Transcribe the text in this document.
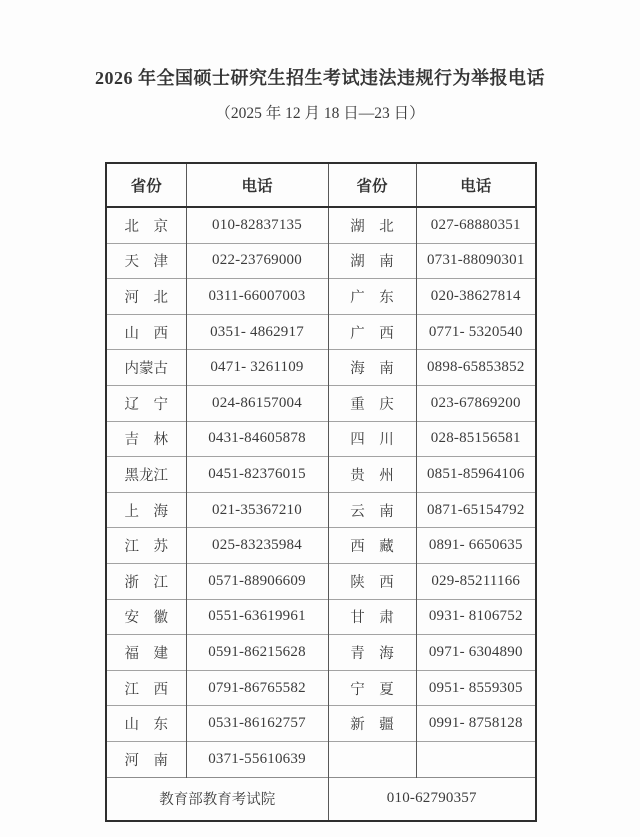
2026 年全国硕士研究生招生考试违法违规行为举报电话
（2025 年 12 月 18 日—23 日）
省份	电话	省份	电话
北　京	010-82837135	湖　北	027-68880351
天　津	022-23769000	湖　南	0731-88090301
河　北	0311-66007003	广　东	020-38627814
山　西	0351- 4862917	广　西	0771- 5320540
内蒙古	0471- 3261109	海　南	0898-65853852
辽　宁	024-86157004	重　庆	023-67869200
吉　林	0431-84605878	四　川	028-85156581
黑龙江	0451-82376015	贵　州	0851-85964106
上　海	021-35367210	云　南	0871-65154792
江　苏	025-83235984	西　藏	0891- 6650635
浙　江	0571-88906609	陕　西	029-85211166
安　徽	0551-63619961	甘　肃	0931- 8106752
福　建	0591-86215628	青　海	0971- 6304890
江　西	0791-86765582	宁　夏	0951- 8559305
山　东	0531-86162757	新　疆	0991- 8758128
河　南	0371-55610639		
教育部教育考试院		010-62790357	
